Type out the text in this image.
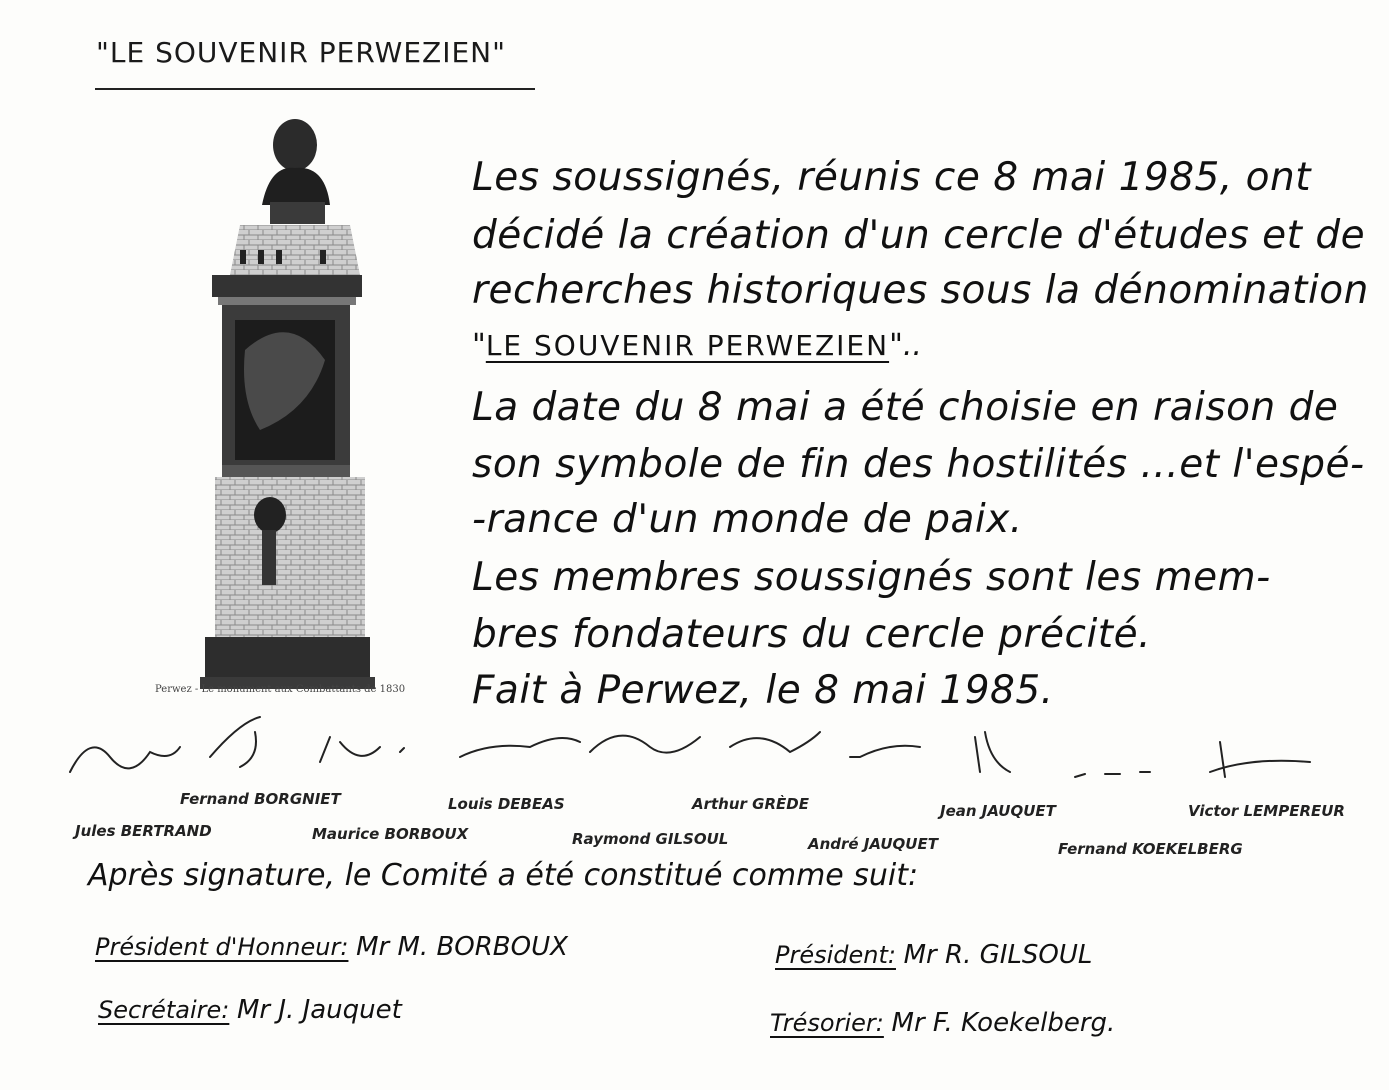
"LE SOUVENIR PERWEZIEN"
Perwez - Le monument aux Combattants de 1830
Les soussignés, réunis ce 8 mai 1985, ont
décidé la création d'un cercle d'études et de
recherches historiques sous la dénomination
"LE SOUVENIR PERWEZIEN"..
La date du 8 mai a été choisie en raison de
son symbole de fin des hostilités ...et l'espé-
-rance d'un monde de paix.
Les membres soussignés sont les mem-
bres fondateurs du cercle précité.
Fait à Perwez, le 8 mai 1985.
Fernand BORGNIET	Louis DEBEAS	Arthur GRÈDE	Jean JAUQUET	Victor LEMPEREUR
Jules BERTRAND	Maurice BORBOUX	Raymond GILSOUL	André JAUQUET	Fernand KOEKELBERG
Après signature, le Comité a été constitué comme suit:
Président d'Honneur: Mr M. BORBOUX	Président: Mr R. GILSOUL
Secrétaire: Mr J. Jauquet	Trésorier: Mr F. Koekelberg.
